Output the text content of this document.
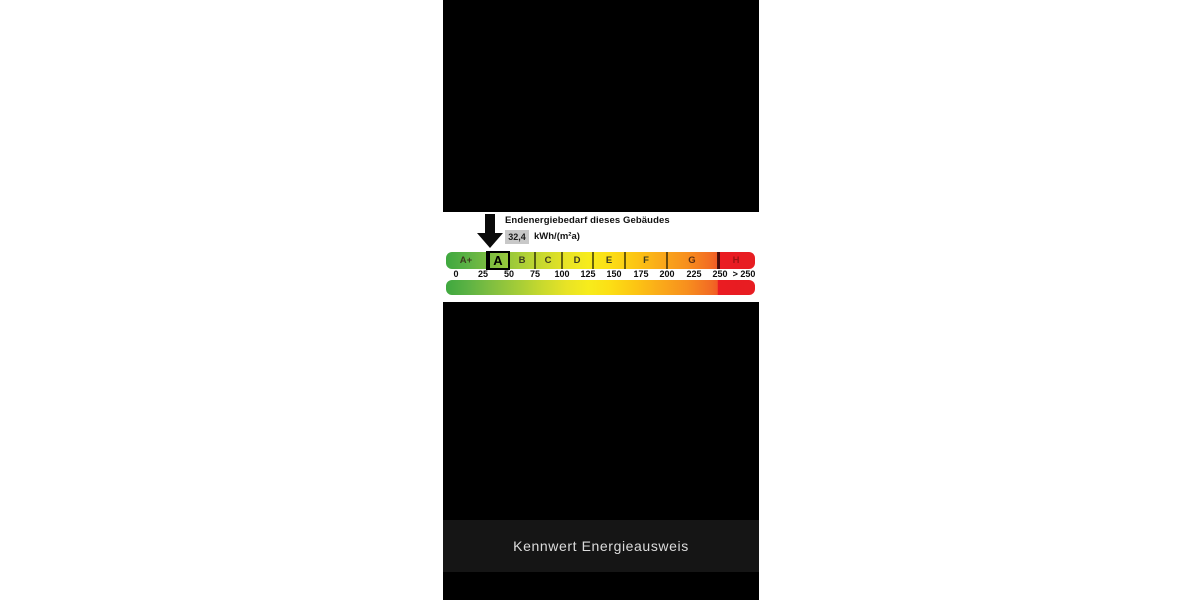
Endenergiebedarf dieses Gebäudes
32,4 kWh/(m²a)
A+ A B C D	E	F	G	H
0 25 50 75 100 125 150 175 200 225 250 > 250
Kennwert Energieausweis
